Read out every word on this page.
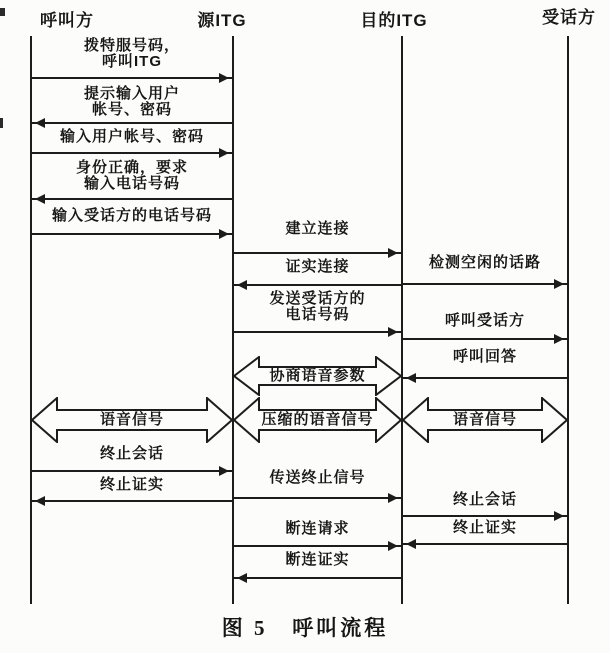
呼叫方	源ITG	目的ITG	受话方
拨特服号码，
呼叫ITG
提示输入用户
帐号、密码
输入用户帐号、密码
身份正确，要求
输入电话号码
输入受话方的电话号码
建立连接
检测空闲的话路
证实连接
发送受话方的
电话号码	呼叫受话方
呼叫回答
协商语音参数
语音信号	压缩的语音信号	语音信号
终止会话
终止证实	传送终止信号
终止会话
断连请求	终止证实
断连证实
图 5   呼叫流程
